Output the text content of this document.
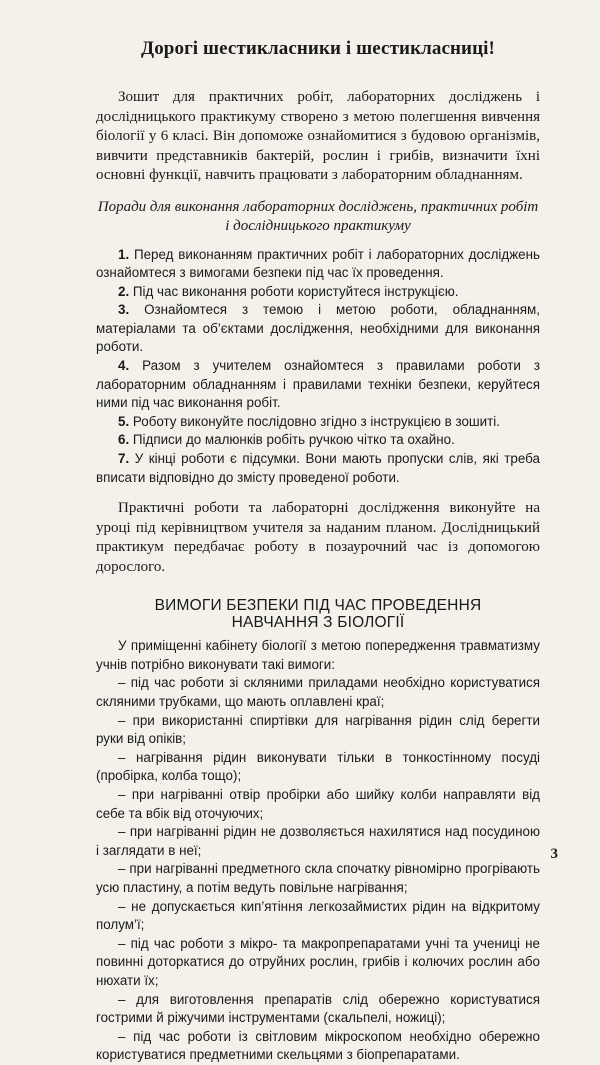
Дорогі шестикласники і шестикласниці!

Зошит для практичних робіт, лабораторних досліджень і дослідницького практикуму створено з метою полегшення вивчення біології у 6 класі. Він допоможе ознайомитися з будовою організмів, вивчити представників бактерій, рослин і грибів, визначити їхні основні функції, навчить працювати з лабораторним обладнанням.

Поради для виконання лабораторних досліджень, практичних робіт і дослідницького практикуму
1. Перед виконанням практичних робіт і лабораторних досліджень ознайомтеся з вимогами безпеки під час їх проведення.
2. Під час виконання роботи користуйтеся інструкцією.
3. Ознайомтеся з темою і метою роботи, обладнанням, матеріалами та об’єктами дослідження, необхідними для виконання роботи.
4. Разом з учителем ознайомтеся з правилами роботи з лабораторним обладнанням і правилами техніки безпеки, керуйтеся ними під час виконання робіт.
5. Роботу виконуйте послідовно згідно з інструкцією в зошиті.
6. Підписи до малюнків робіть ручкою чітко та охайно.
7. У кінці роботи є підсумки. Вони мають пропуски слів, які треба вписати відповідно до змісту проведеної роботи.

Практичні роботи та лабораторні дослідження виконуйте на уроці під керівництвом учителя за наданим планом. Дослідницький практикум передбачає роботу в позаурочний час із допомогою дорослого.

ВИМОГИ БЕЗПЕКИ ПІД ЧАС ПРОВЕДЕННЯ
НАВЧАННЯ З БІОЛОГІЇ

У приміщенні кабінету біології з метою попередження травматизму учнів потрібно виконувати такі вимоги:

– під час роботи зі скляними приладами необхідно користуватися скляними трубками, що мають оплавлені краї;
– при використанні спиртівки для нагрівання рідин слід берегти руки від опіків;
– нагрівання рідин виконувати тільки в тонкостінному посуді (пробірка, колба тощо);
– при нагріванні отвір пробірки або шийку колби направляти від себе та вбік від оточуючих;
– при нагріванні рідин не дозволяється нахилятися над посудиною і заглядати в неї;
– при нагріванні предметного скла спочатку рівномірно прогрівають усю пластину, а потім ведуть повільне нагрівання;
– не допускається кип’ятіння легкозаймистих рідин на відкритому полум’ї;
– під час роботи з мікро- та макропрепаратами учні та учениці не повинні доторкатися до отруйних рослин, грибів і колючих рослин або нюхати їх;
– для виготовлення препаратів слід обережно користуватися гострими й ріжучими інструментами (скальпелі, ножиці);
– під час роботи із світловим мікроскопом необхідно обережно користуватися предметними скельцями з біопрепаратами.
3
